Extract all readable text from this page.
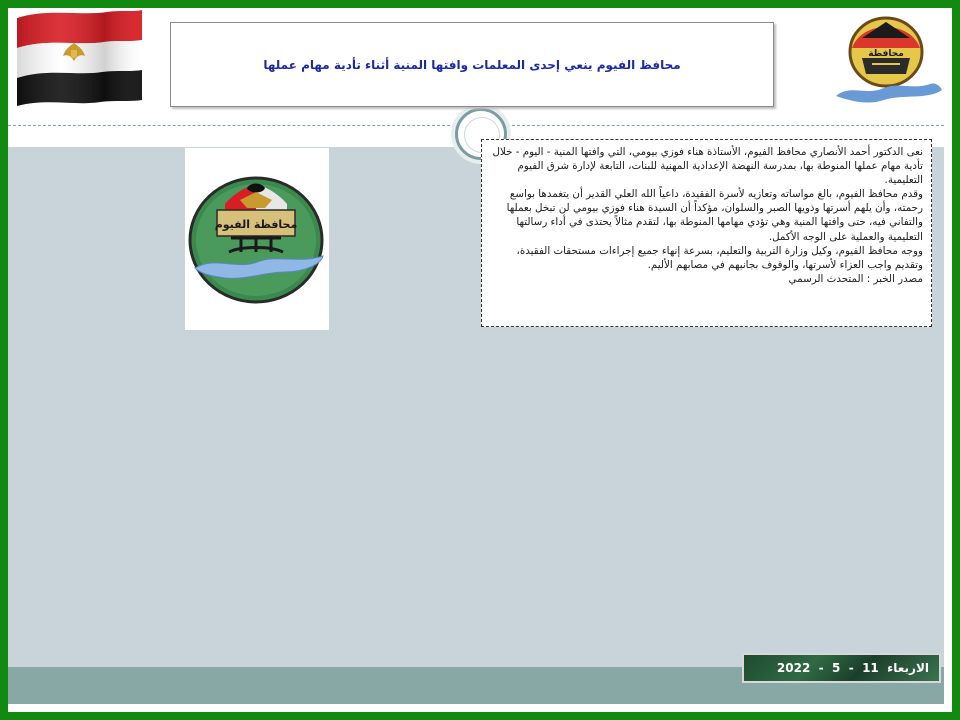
محافظ الفيوم ينعي إحدى المعلمات وافتها المنية أثناء تأدية مهام عملها
محافظة
محافظة الفيوم

نعى الدكتور أحمد الأنصاري محافظ الفيوم، الأستاذة هناء فوزي بيومي، التي وافتها المنية - اليوم - خلال تأدية مهام عملها المنوطة بها، بمدرسة النهضة الإعدادية المهنية للبنات، التابعة لإدارة شرق الفيوم التعليمية.

وقدم محافظ الفيوم، بالغ مواساته وتعازيه لأسرة الفقيدة، داعياً الله العلي القدير أن يتغمدها بواسع رحمته، وأن يلهم أسرتها وذويها الصبر والسلوان، مؤكداً أن السيدة هناء فوزي بيومي لن تبخل بعملها والتفاني فيه، حتى وافتها المنية وهي تؤدي مهامها المنوطة بها، لتقدم مثالاً يحتذى في أداء رسالتها التعليمية والعملية على الوجه الأكمل.

ووجه محافظ الفيوم، وكيل وزارة التربية والتعليم، بسرعة إنهاء جميع إجراءات مستحقات الفقيدة، وتقديم واجب العزاء لأسرتها، والوقوف بجانبهم في مصابهم الأليم.

مصدر الخبر : المتحدث الرسمي

الاربعاء  11  -  5  -  2022
